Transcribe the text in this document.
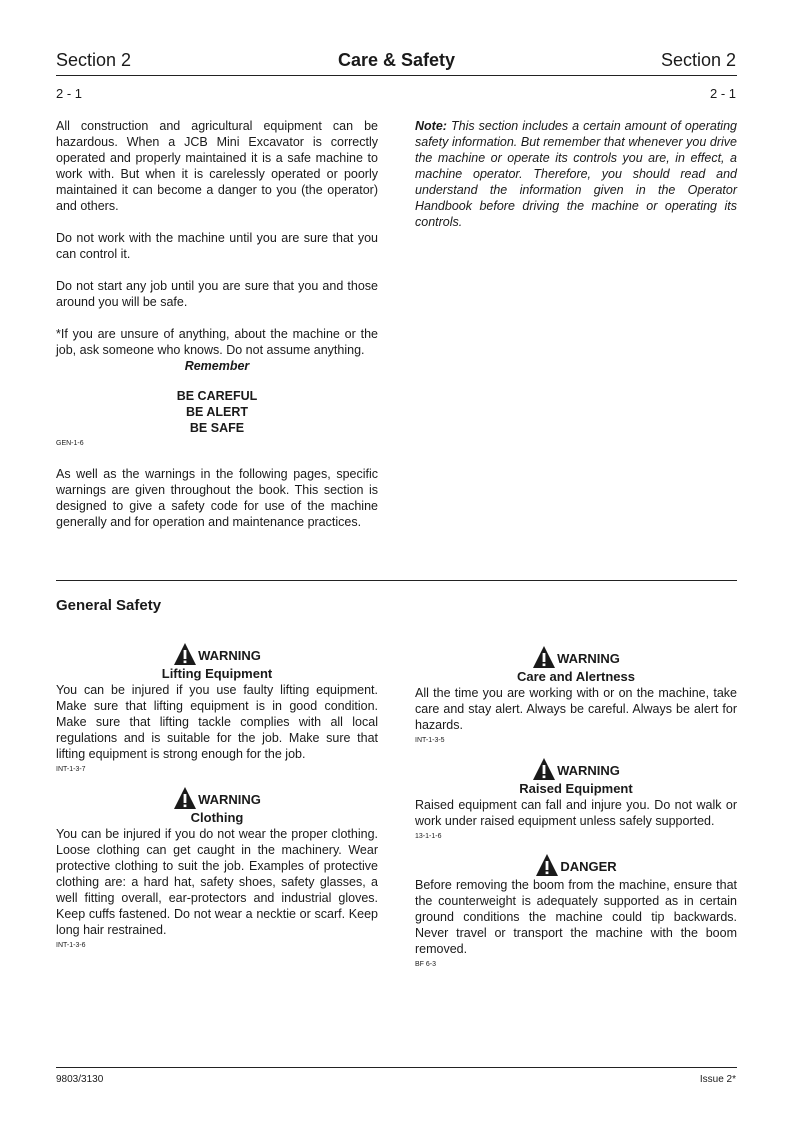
Section 2	Care & Safety	Section 2
2 - 1	2 - 1

All construction and agricultural equipment can be hazardous. When a JCB Mini Excavator is correctly operated and properly maintained it is a safe machine to work with. But when it is carelessly operated or poorly maintained it can become a danger to you (the operator) and others.

Do not work with the machine until you are sure that you can control it.

Do not start any job until you are sure that you and those around you will be safe.

*If you are unsure of anything, about the machine or the job, ask someone who knows. Do not assume anything.

Remember

BE CAREFUL
BE ALERT
BE SAFE
GEN-1-6

As well as the warnings in the following pages, specific warnings are given throughout the book. This section is designed to give a safety code for use of the machine generally and for operation and maintenance practices.

Note: This section includes a certain amount of operating safety information. But remember that whenever you drive the machine or operate its controls you are, in effect, a machine operator. Therefore, you should read and understand the information given in the Operator Handbook before driving the machine or operating its controls.

General Safety
WARNING
Lifting Equipment

You can be injured if you use faulty lifting equipment. Make sure that lifting equipment is in good condition. Make sure that lifting tackle complies with all local regulations and is suitable for the job. Make sure that lifting equipment is strong enough for the job.

INT-1-3-7
WARNING
Clothing

You can be injured if you do not wear the proper clothing. Loose clothing can get caught in the machinery. Wear protective clothing to suit the job. Examples of protective clothing are: a hard hat, safety shoes, safety glasses, a well fitting overall, ear-protectors and industrial gloves. Keep cuffs fastened. Do not wear a necktie or scarf. Keep long hair restrained.

INT-1-3-6
WARNING
Care and Alertness

All the time you are working with or on the machine, take care and stay alert. Always be careful. Always be alert for hazards.

INT-1-3-5
WARNING
Raised Equipment

Raised equipment can fall and injure you. Do not walk or work under raised equipment unless safely supported.

13-1-1-6
DANGER

Before removing the boom from the machine, ensure that the counterweight is adequately supported as in certain ground conditions the machine could tip backwards. Never travel or transport the machine with the boom removed.

BF 6-3
9803/3130	Issue 2*
